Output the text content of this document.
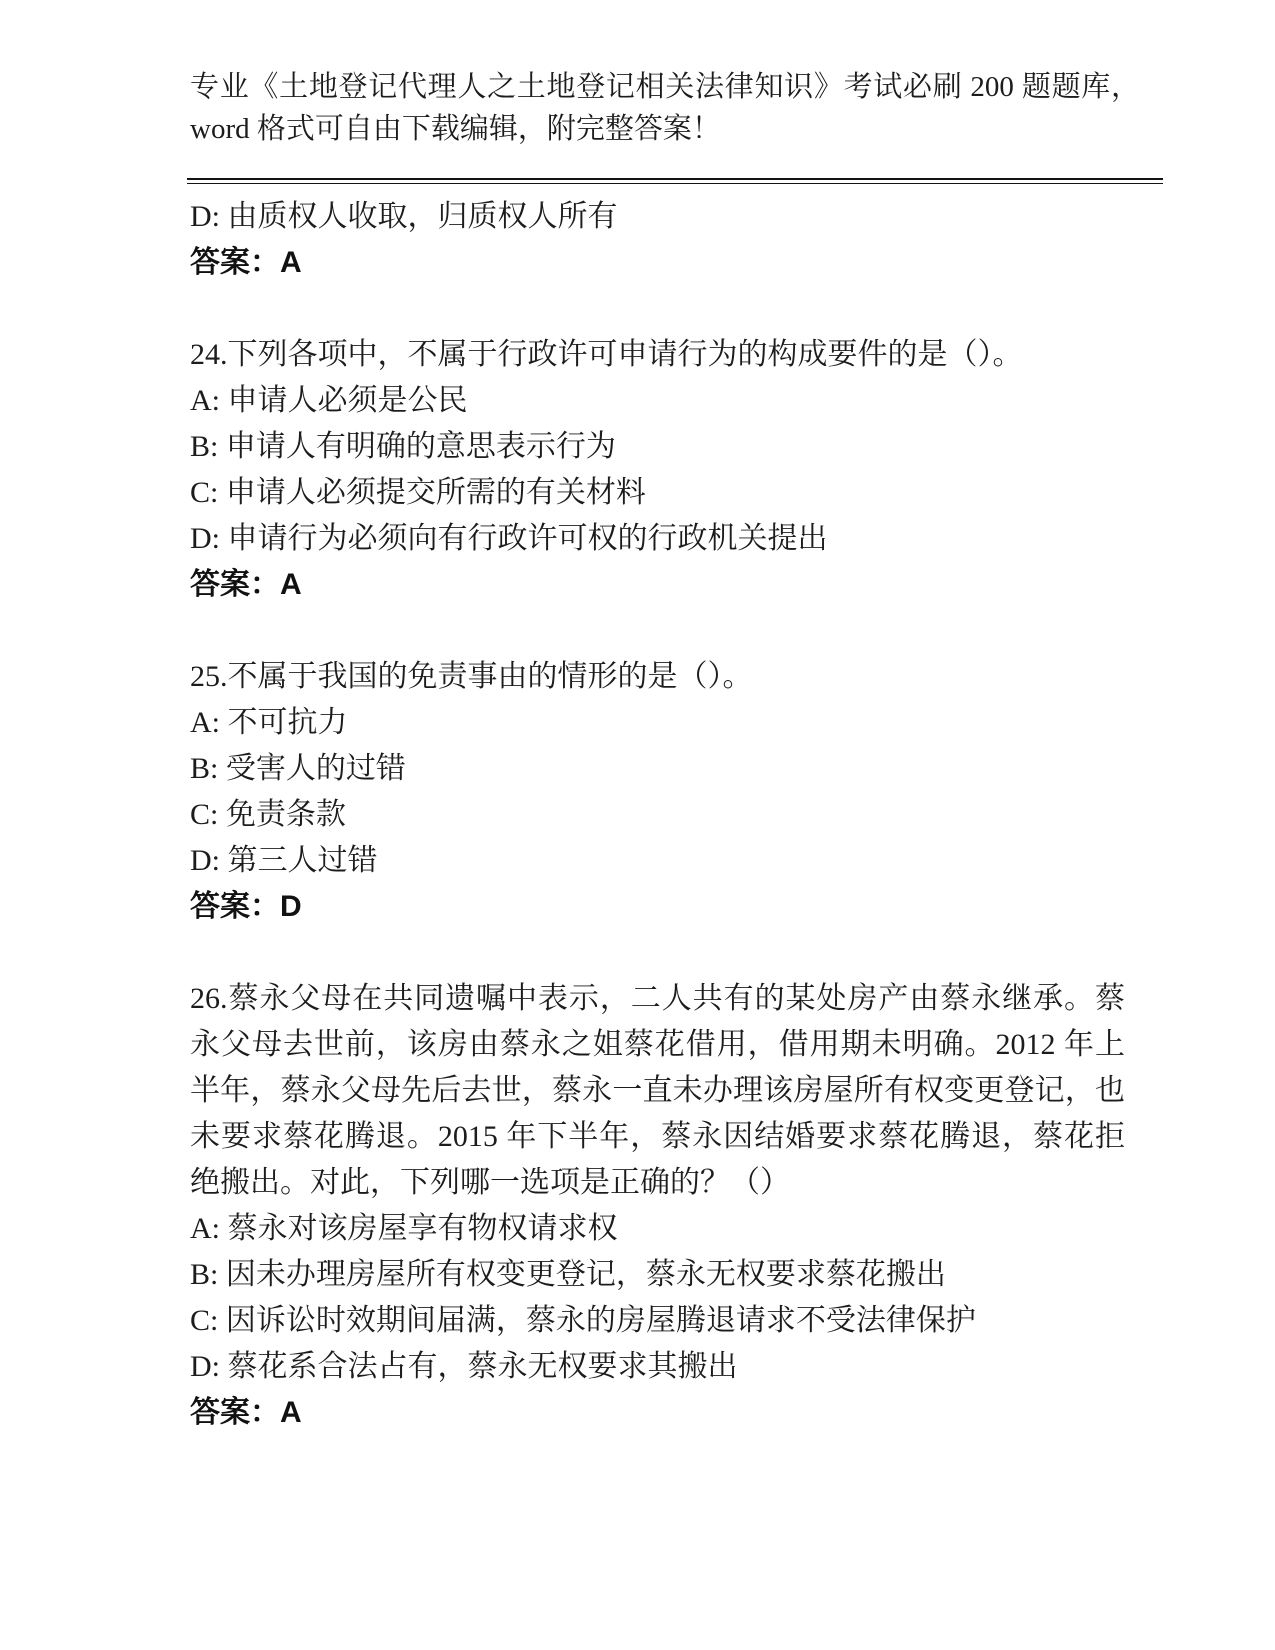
专业《土地登记代理人之土地登记相关法律知识》考试必刷 200 题题库，word 格式可自由下载编辑，附完整答案！

D: 由质权人收取，归质权人所有

答案：A

24.下列各项中，不属于行政许可申请行为的构成要件的是（）。

A: 申请人必须是公民

B: 申请人有明确的意思表示行为

C: 申请人必须提交所需的有关材料

D: 申请行为必须向有行政许可权的行政机关提出

答案：A

25.不属于我国的免责事由的情形的是（）。

A: 不可抗力

B: 受害人的过错

C: 免责条款

D: 第三人过错

答案：D

26.蔡永父母在共同遗嘱中表示，二人共有的某处房产由蔡永继承。蔡永父母去世前，该房由蔡永之姐蔡花借用，借用期未明确。2012 年上半年，蔡永父母先后去世，蔡永一直未办理该房屋所有权变更登记，也未要求蔡花腾退。2015 年下半年，蔡永因结婚要求蔡花腾退，蔡花拒绝搬出。对此，下列哪一选项是正确的？（）

A: 蔡永对该房屋享有物权请求权

B: 因未办理房屋所有权变更登记，蔡永无权要求蔡花搬出

C: 因诉讼时效期间届满，蔡永的房屋腾退请求不受法律保护

D: 蔡花系合法占有，蔡永无权要求其搬出

答案：A
